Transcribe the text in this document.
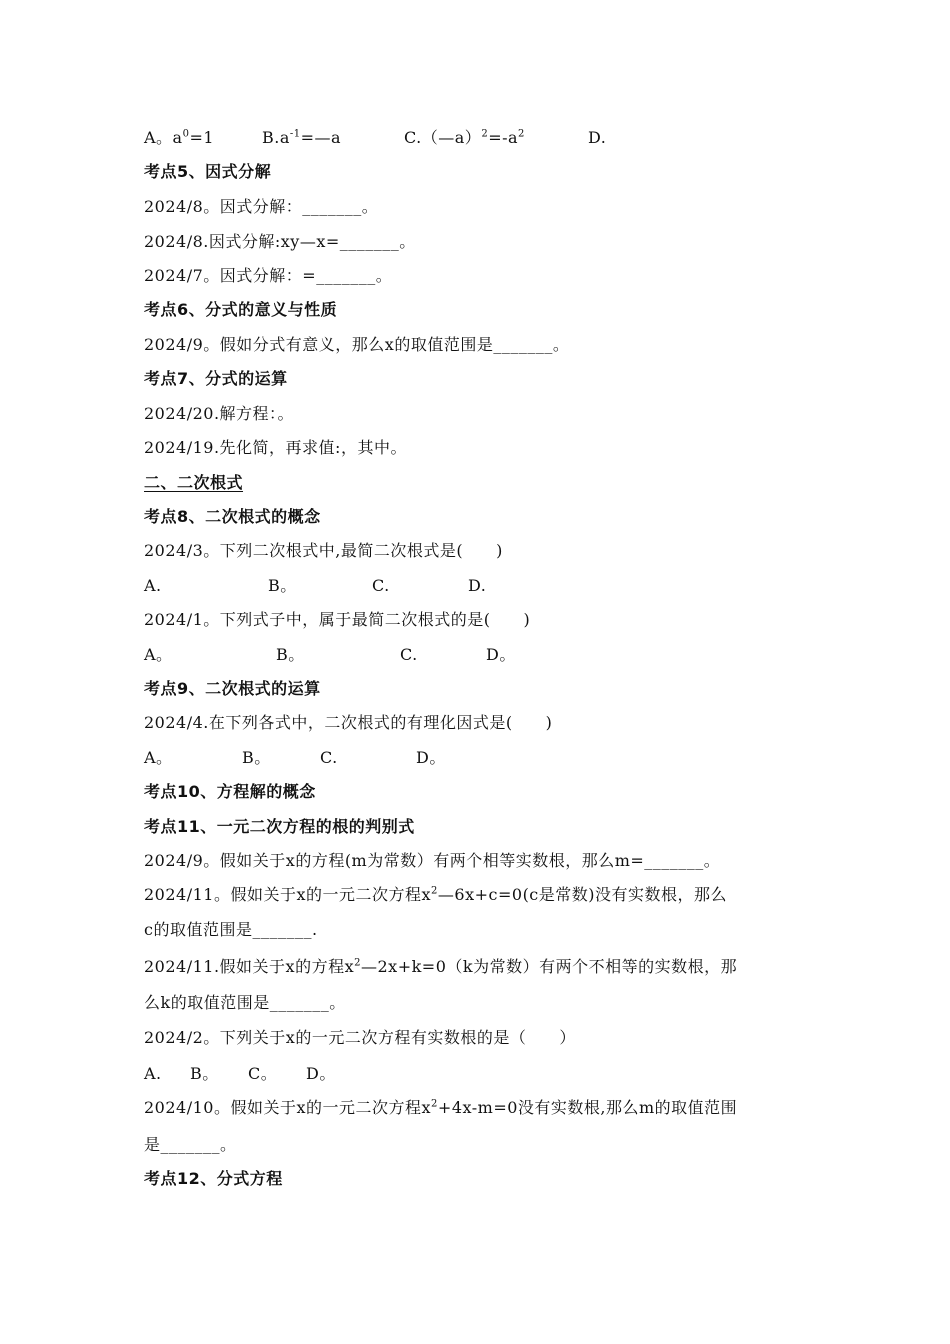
A。$a^0=1$	$B.a^{-1}=—a$	$C.(—a)^2=-a^2$	D.
考点5、因式分解
2024/8。因式分解：_______。
2024/8.因式分解:xy—x=_______。
2024/7。因式分解：=_______。
考点6、分式的意义与性质
2024/9。假如分式有意义，那么x的取值范围是_______。
考点7、分式的运算
2024/20.解方程：。
2024/19.先化简，再求值:，其中。
二、二次根式
考点8、二次根式的概念
2024/3。下列二次根式中,最简二次根式是(　　)
A.	B。	C.	D.
2024/1。下列式子中，属于最简二次根式的是(　　)
A。	B。	C.	D。
考点9、二次根式的运算
2024/4.在下列各式中，二次根式的有理化因式是(　　)
A。	B。	C.	D。
考点10、方程解的概念
考点11、一元二次方程的根的判别式
2024/9。假如关于x的方程(m为常数）有两个相等实数根，那么m=_______。
2024/11。假如关于x的一元二次方程$x^2—6x+c=0(c$是常数)没有实数根，那么
c的取值范围是_______.
2024/11.假如关于x的方程$x^2—2x+k=0(k$为常数）有两个不相等的实数根，那
么k的取值范围是_______。
2024/2。下列关于x的一元二次方程有实数根的是（　　）
A. B。 C。 D。
2024/10。假如关于x的一元二次方程$x^2+4x-m=0$没有实数根,那么m的取值范围
是_______。
考点12、分式方程
